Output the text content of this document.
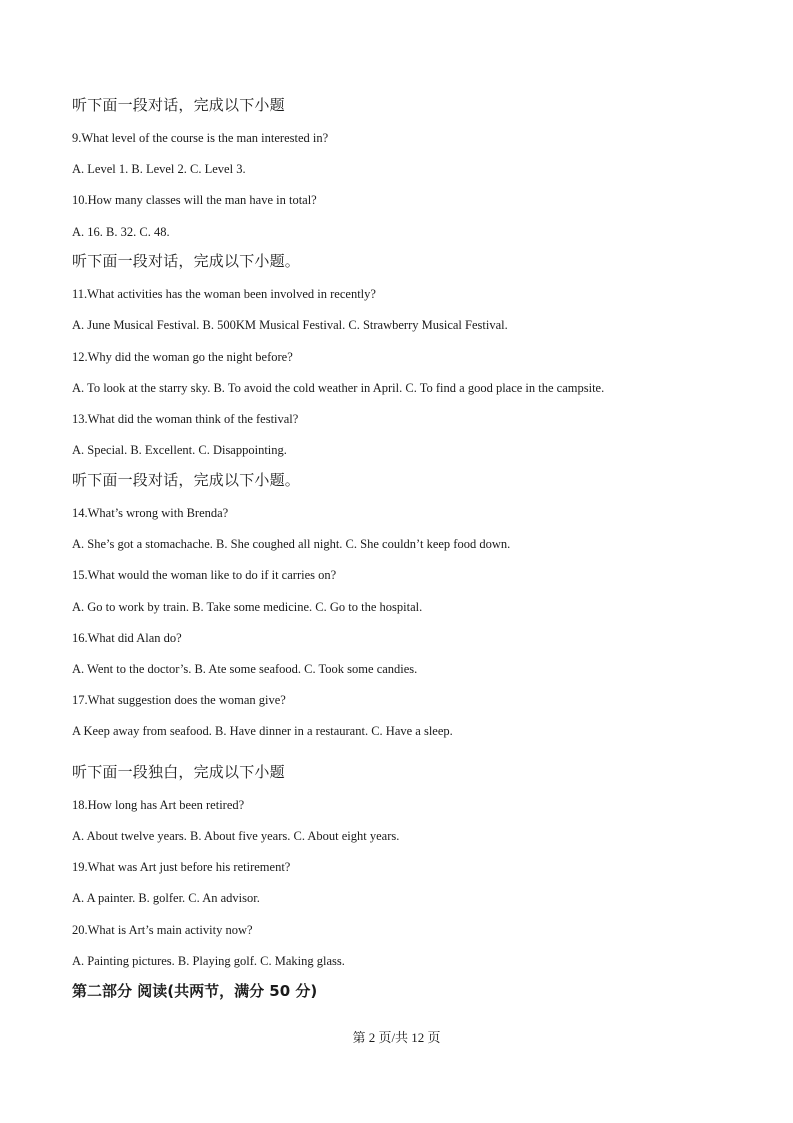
听下面一段对话，完成以下小题
9.What level of the course is the man interested in?
A. Level 1. B. Level 2. C. Level 3.
10.How many classes will the man have in total?
A. 16. B. 32. C. 48.
听下面一段对话，完成以下小题。
11.What activities has the woman been involved in recently?
A. June Musical Festival. B. 500KM Musical Festival. C. Strawberry Musical Festival.
12.Why did the woman go the night before?
A. To look at the starry sky. B. To avoid the cold weather in April. C. To find a good place in the campsite.
13.What did the woman think of the festival?
A. Special. B. Excellent. C. Disappointing.
听下面一段对话，完成以下小题。
14.What’s wrong with Brenda?
A. She’s got a stomachache. B. She coughed all night. C. She couldn’t keep food down.
15.What would the woman like to do if it carries on?
A. Go to work by train. B. Take some medicine. C. Go to the hospital.
16.What did Alan do?
A. Went to the doctor’s. B. Ate some seafood. C. Took some candies.
17.What suggestion does the woman give?
A Keep away from seafood. B. Have dinner in a restaurant. C. Have a sleep.
听下面一段独白，完成以下小题
18.How long has Art been retired?
A. About twelve years. B. About five years. C. About eight years.
19.What was Art just before his retirement?
A. A painter. B. golfer. C. An advisor.
20.What is Art’s main activity now?
A. Painting pictures. B. Playing golf. C. Making glass.
第二部分 阅读(共两节，满分 50 分)
第 2 页/共 12 页
